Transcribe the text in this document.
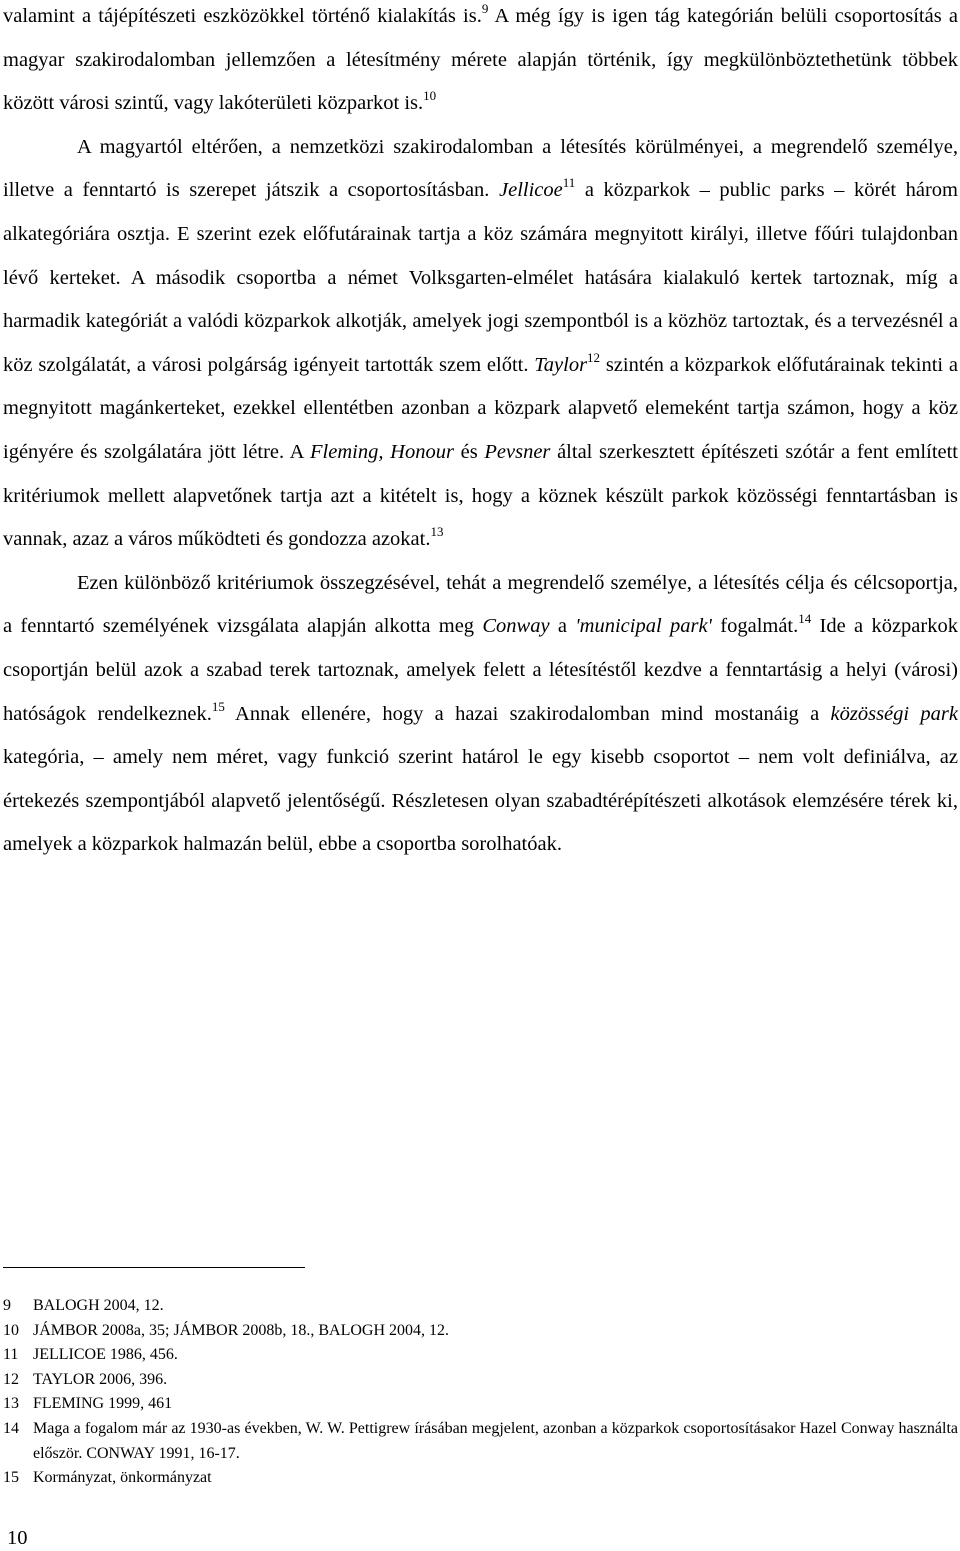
valamint a tájépítészeti eszközökkel történő kialakítás is.$^9$ A még így is igen tág kategórián belüli csoportosítás a magyar szakirodalomban jellemzően a létesítmény mérete alapján történik, így megkülönböztethetünk többek között városi szintű, vagy lakóterületi közparkot is.$^{10}$

A magyartól eltérően, a nemzetközi szakirodalomban a létesítés körülményei, a megrendelő személye, illetve a fenntartó is szerepet játszik a csoportosításban. Jellicoe$^{11}$ a közparkok – public parks – körét három alkategóriára osztja. E szerint ezek előfutárainak tartja a köz számára megnyitott királyi, illetve főúri tulajdonban lévő kerteket. A második csoportba a német Volksgarten-elmélet hatására kialakuló kertek tartoznak, míg a harmadik kategóriát a valódi közparkok alkotják, amelyek jogi szempontból is a közhöz tartoztak, és a tervezésnél a köz szolgálatát, a városi polgárság igényeit tartották szem előtt. Taylor$^{12}$ szintén a közparkok előfutárainak tekinti a megnyitott magánkerteket, ezekkel ellentétben azonban a közpark alapvető elemeként tartja számon, hogy a köz igényére és szolgálatára jött létre. A Fleming, Honour és Pevsner által szerkesztett építészeti szótár a fent említett kritériumok mellett alapvetőnek tartja azt a kitételt is, hogy a köznek készült parkok közösségi fenntartásban is vannak, azaz a város működteti és gondozza azokat.$^{13}$

Ezen különböző kritériumok összegzésével, tehát a megrendelő személye, a létesítés célja és célcsoportja, a fenntartó személyének vizsgálata alapján alkotta meg Conway a 'municipal park' fogalmát.$^{14}$ Ide a közparkok csoportján belül azok a szabad terek tartoznak, amelyek felett a létesítéstől kezdve a fenntartásig a helyi (városi) hatóságok rendelkeznek.$^{15}$ Annak ellenére, hogy a hazai szakirodalomban mind mostanáig a közösségi park kategória, – amely nem méret, vagy funkció szerint határol le egy kisebb csoportot – nem volt definiálva, az értekezés szempontjából alapvető jelentőségű. Részletesen olyan szabadtérépítészeti alkotások elemzésére térek ki, amelyek a közparkok halmazán belül, ebbe a csoportba sorolhatóak.

9	BALOGH 2004, 12.
10 JÁMBOR 2008a, 35; JÁMBOR 2008b, 18., BALOGH 2004, 12.
11 JELLICOE 1986, 456.
12 TAYLOR 2006, 396.
13 FLEMING 1999, 461
14 Maga a fogalom már az 1930-as években, W. W. Pettigrew írásában megjelent, azonban a közparkok csoportosításakor Hazel Conway használta először. CONWAY 1991, 16-17.
15 Kormányzat, önkormányzat
10
